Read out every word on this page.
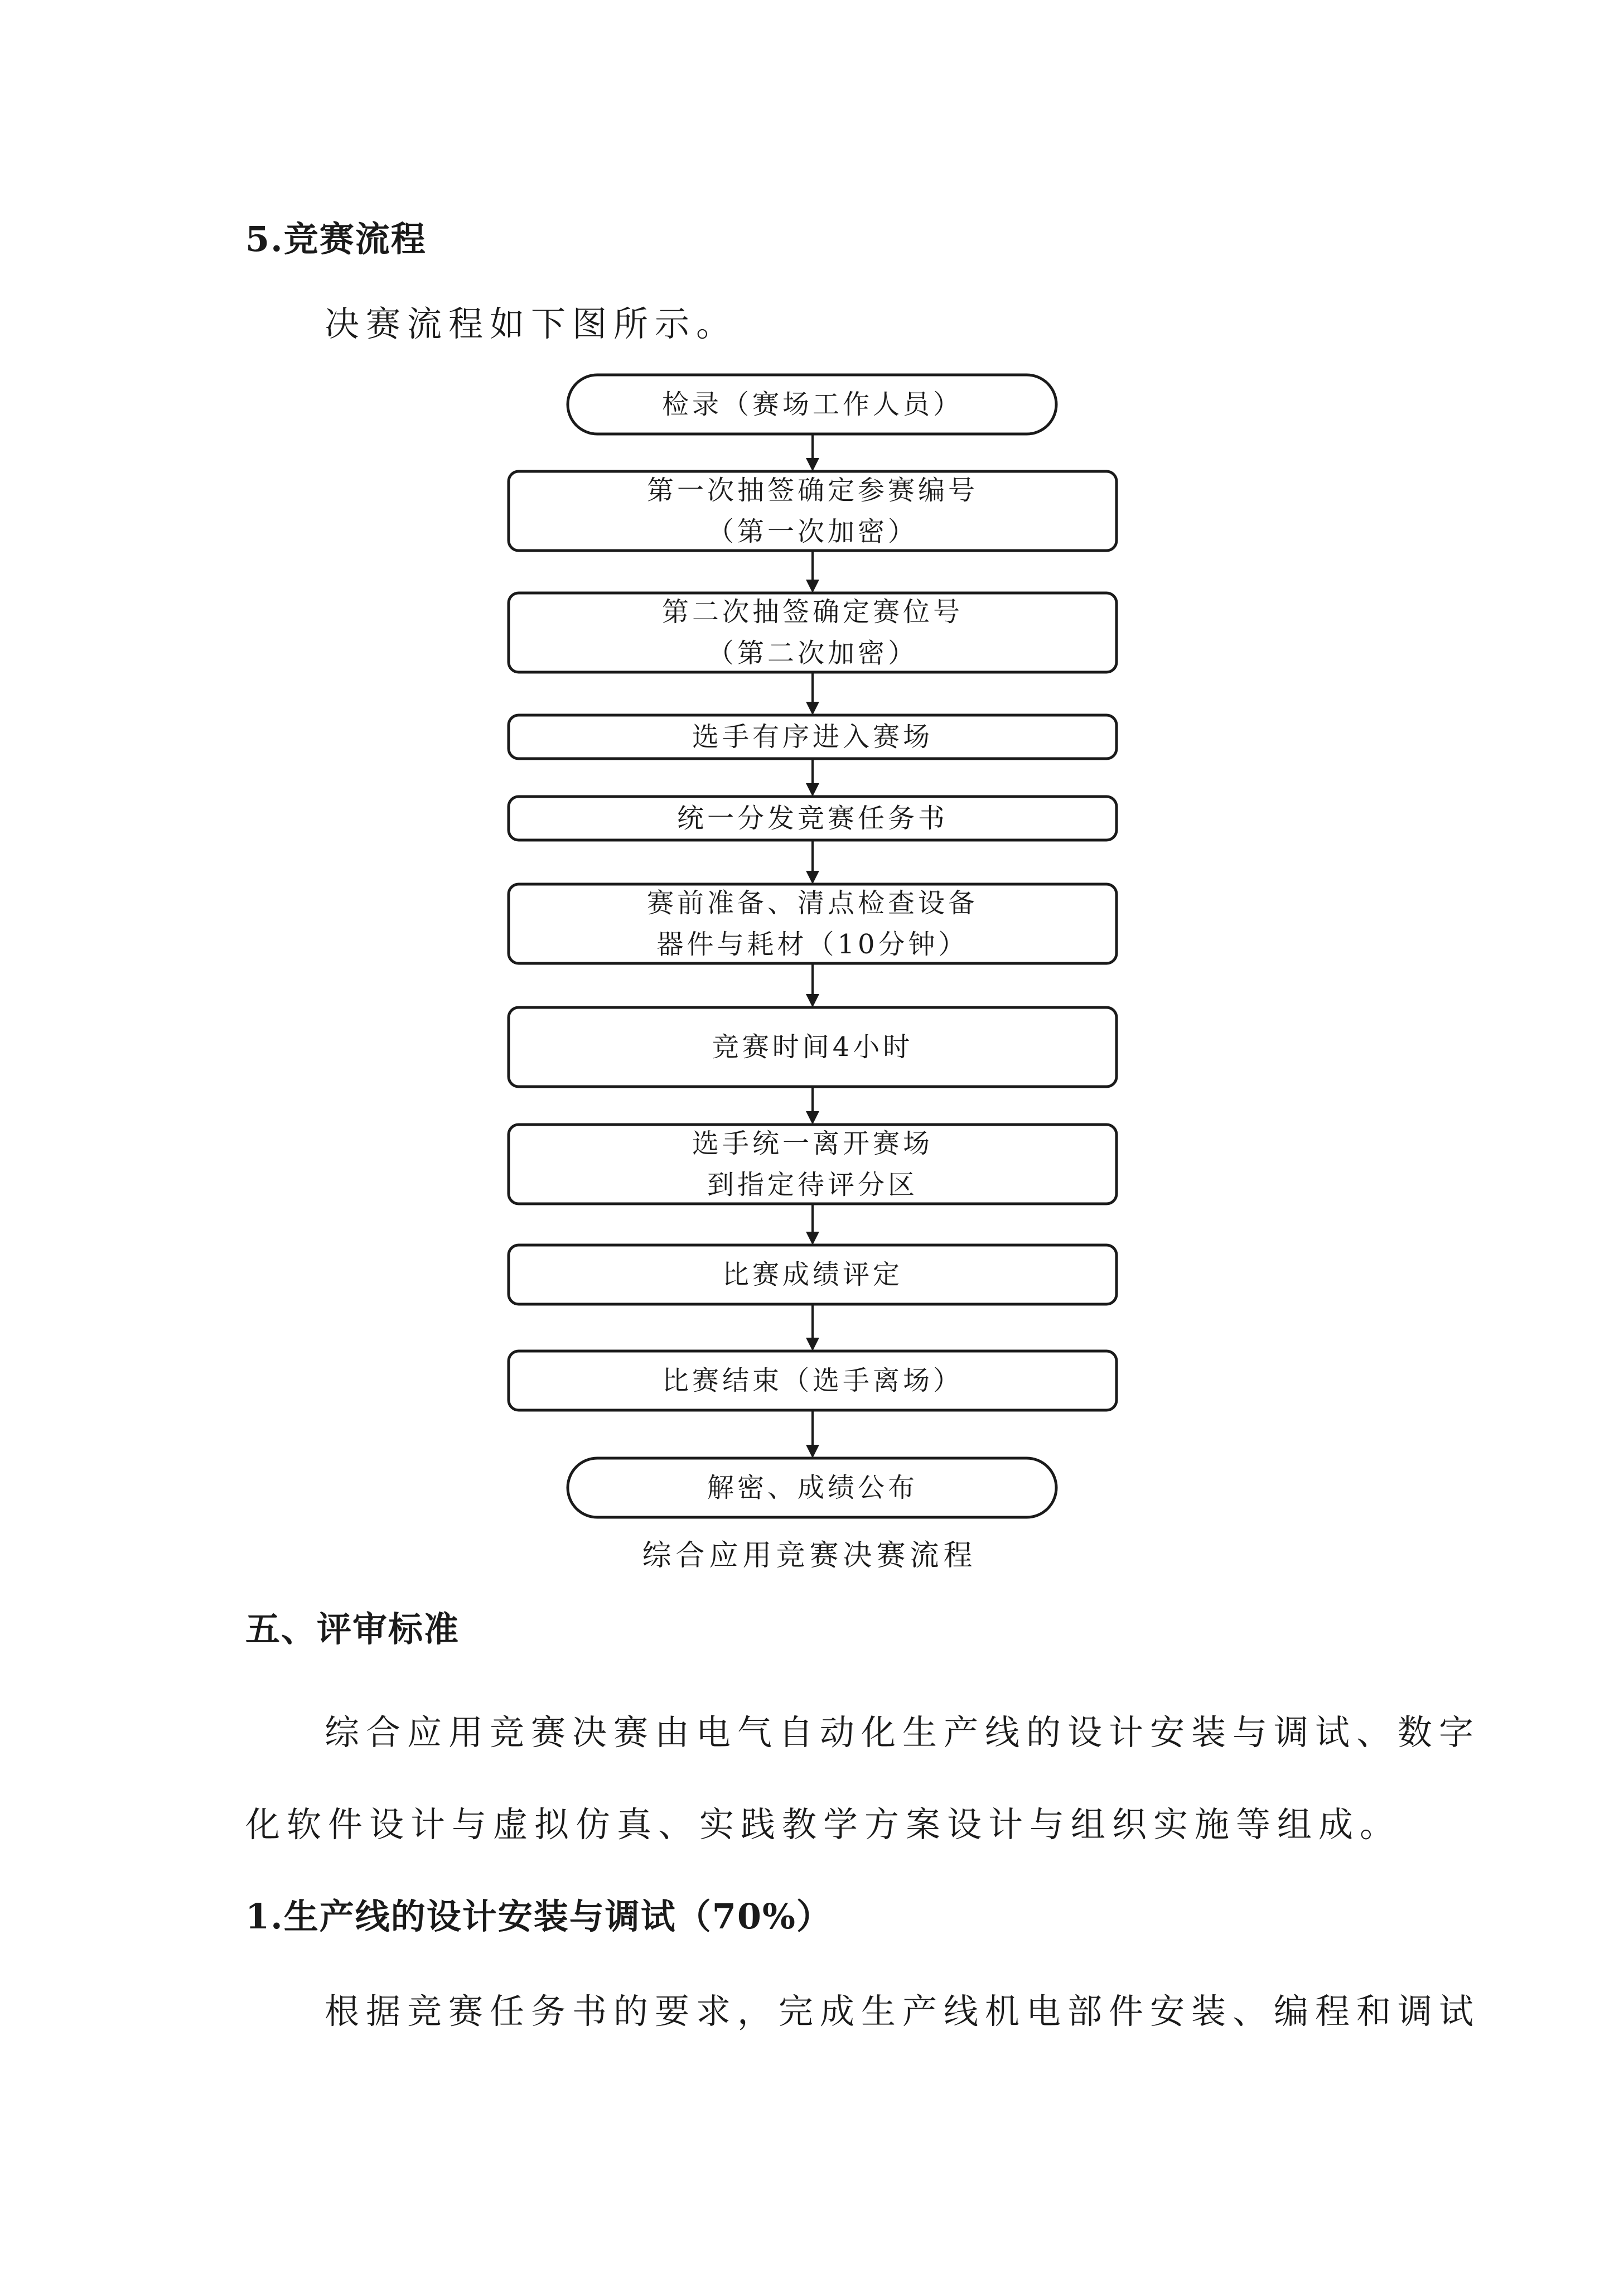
5.竞赛流程
决赛流程如下图所示。
检录（赛场工作人员）
第一次抽签确定参赛编号
（第一次加密）
第二次抽签确定赛位号
（第二次加密）
选手有序进入赛场
统一分发竞赛任务书
赛前准备、清点检查设备
器件与耗材（10分钟）
竞赛时间4小时
选手统一离开赛场
到指定待评分区
比赛成绩评定
比赛结束（选手离场）
解密、成绩公布
综合应用竞赛决赛流程
五、评审标准
综合应用竞赛决赛由电气自动化生产线的设计安装与调试、数字
化软件设计与虚拟仿真、实践教学方案设计与组织实施等组成。
1.生产线的设计安装与调试（70%）
根据竞赛任务书的要求，完成生产线机电部件安装、编程和调试
